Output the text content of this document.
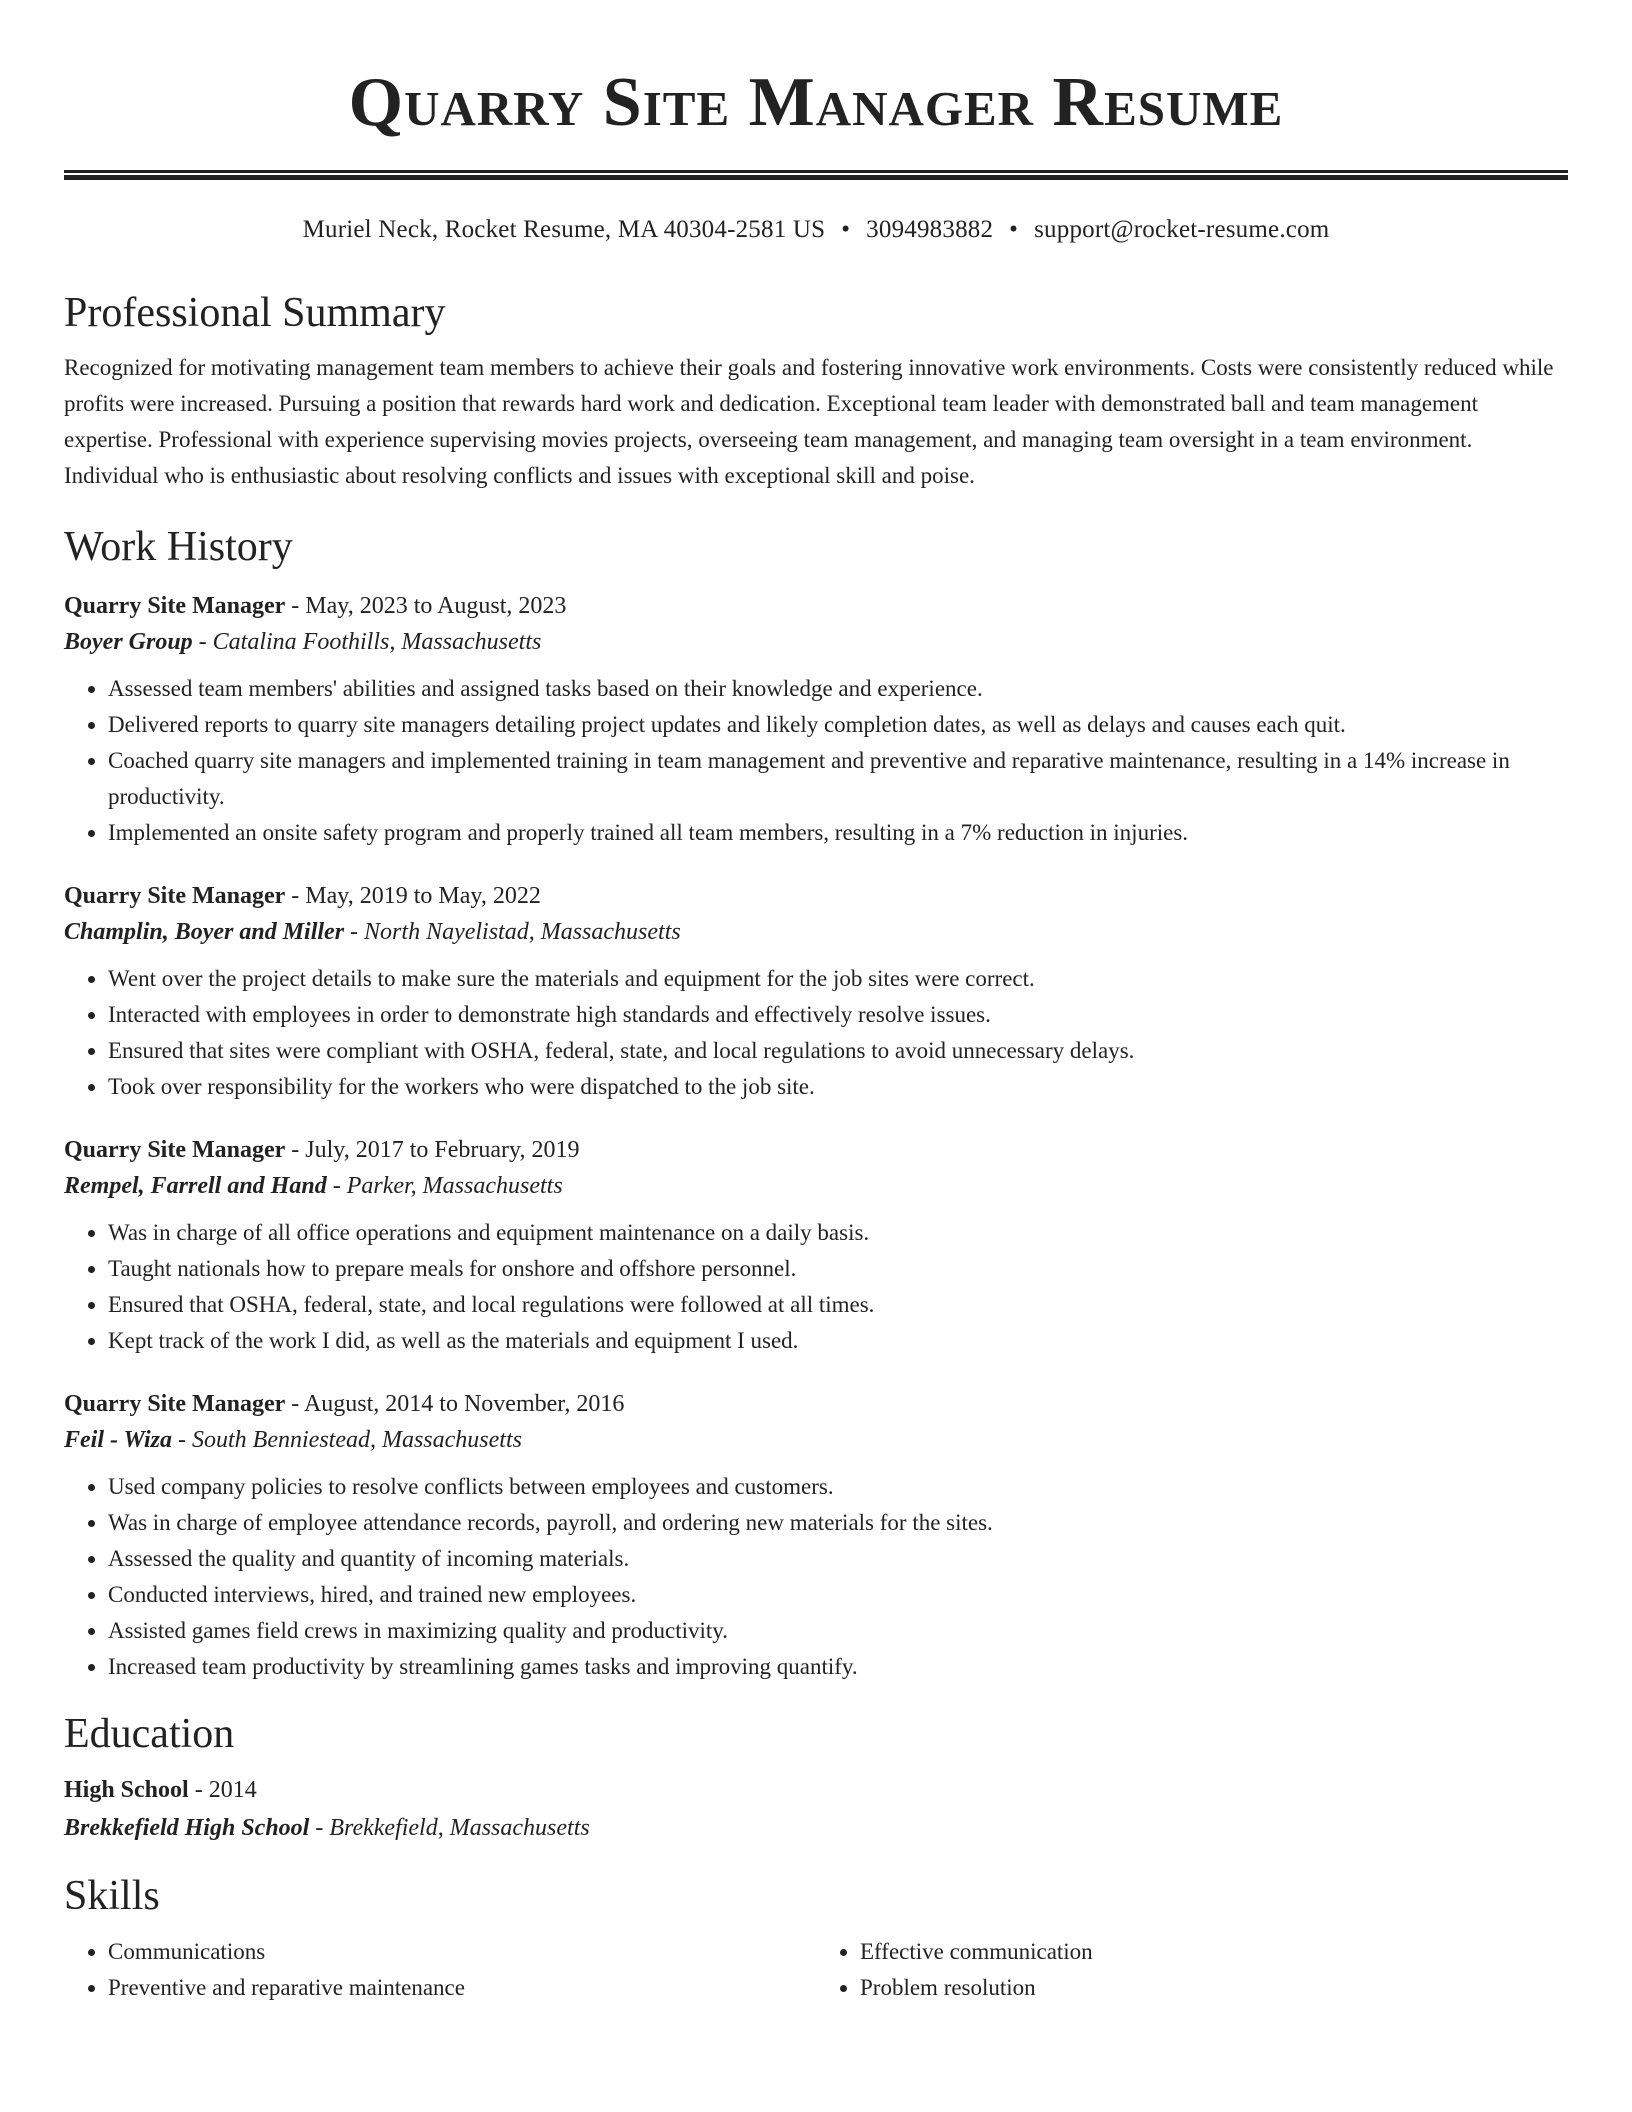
Quarry Site Manager Resume
Muriel Neck, Rocket Resume, MA 40304-2581 US • 3094983882 • support@rocket-resume.com
Professional Summary

Recognized for motivating management team members to achieve their goals and fostering innovative work environments. Costs were consistently reduced while profits were increased. Pursuing a position that rewards hard work and dedication. Exceptional team leader with demonstrated ball and team management expertise. Professional with experience supervising movies projects, overseeing team management, and managing team oversight in a team environment. Individual who is enthusiastic about resolving conflicts and issues with exceptional skill and poise.

Work History
Quarry Site Manager - May, 2023 to August, 2023
Boyer Group - Catalina Foothills, Massachusetts
• Assessed team members' abilities and assigned tasks based on their knowledge and experience.
• Delivered reports to quarry site managers detailing project updates and likely completion dates, as well as delays and causes each quit.
• Coached quarry site managers and implemented training in team management and preventive and reparative maintenance, resulting in a 14% increase in productivity.
• Implemented an onsite safety program and properly trained all team members, resulting in a 7% reduction in injuries.
Quarry Site Manager - May, 2019 to May, 2022
Champlin, Boyer and Miller - North Nayelistad, Massachusetts
• Went over the project details to make sure the materials and equipment for the job sites were correct.
• Interacted with employees in order to demonstrate high standards and effectively resolve issues.
• Ensured that sites were compliant with OSHA, federal, state, and local regulations to avoid unnecessary delays.
• Took over responsibility for the workers who were dispatched to the job site.
Quarry Site Manager - July, 2017 to February, 2019
Rempel, Farrell and Hand - Parker, Massachusetts
• Was in charge of all office operations and equipment maintenance on a daily basis.
• Taught nationals how to prepare meals for onshore and offshore personnel.
• Ensured that OSHA, federal, state, and local regulations were followed at all times.
• Kept track of the work I did, as well as the materials and equipment I used.
Quarry Site Manager - August, 2014 to November, 2016
Feil - Wiza - South Benniestead, Massachusetts
• Used company policies to resolve conflicts between employees and customers.
• Was in charge of employee attendance records, payroll, and ordering new materials for the sites.
• Assessed the quality and quantity of incoming materials.
• Conducted interviews, hired, and trained new employees.
• Assisted games field crews in maximizing quality and productivity.
• Increased team productivity by streamlining games tasks and improving quantify.
Education
High School - 2014
Brekkefield High School - Brekkefield, Massachusetts
Skills
• Communications
• Preventive and reparative maintenance
• Effective communication
• Problem resolution
